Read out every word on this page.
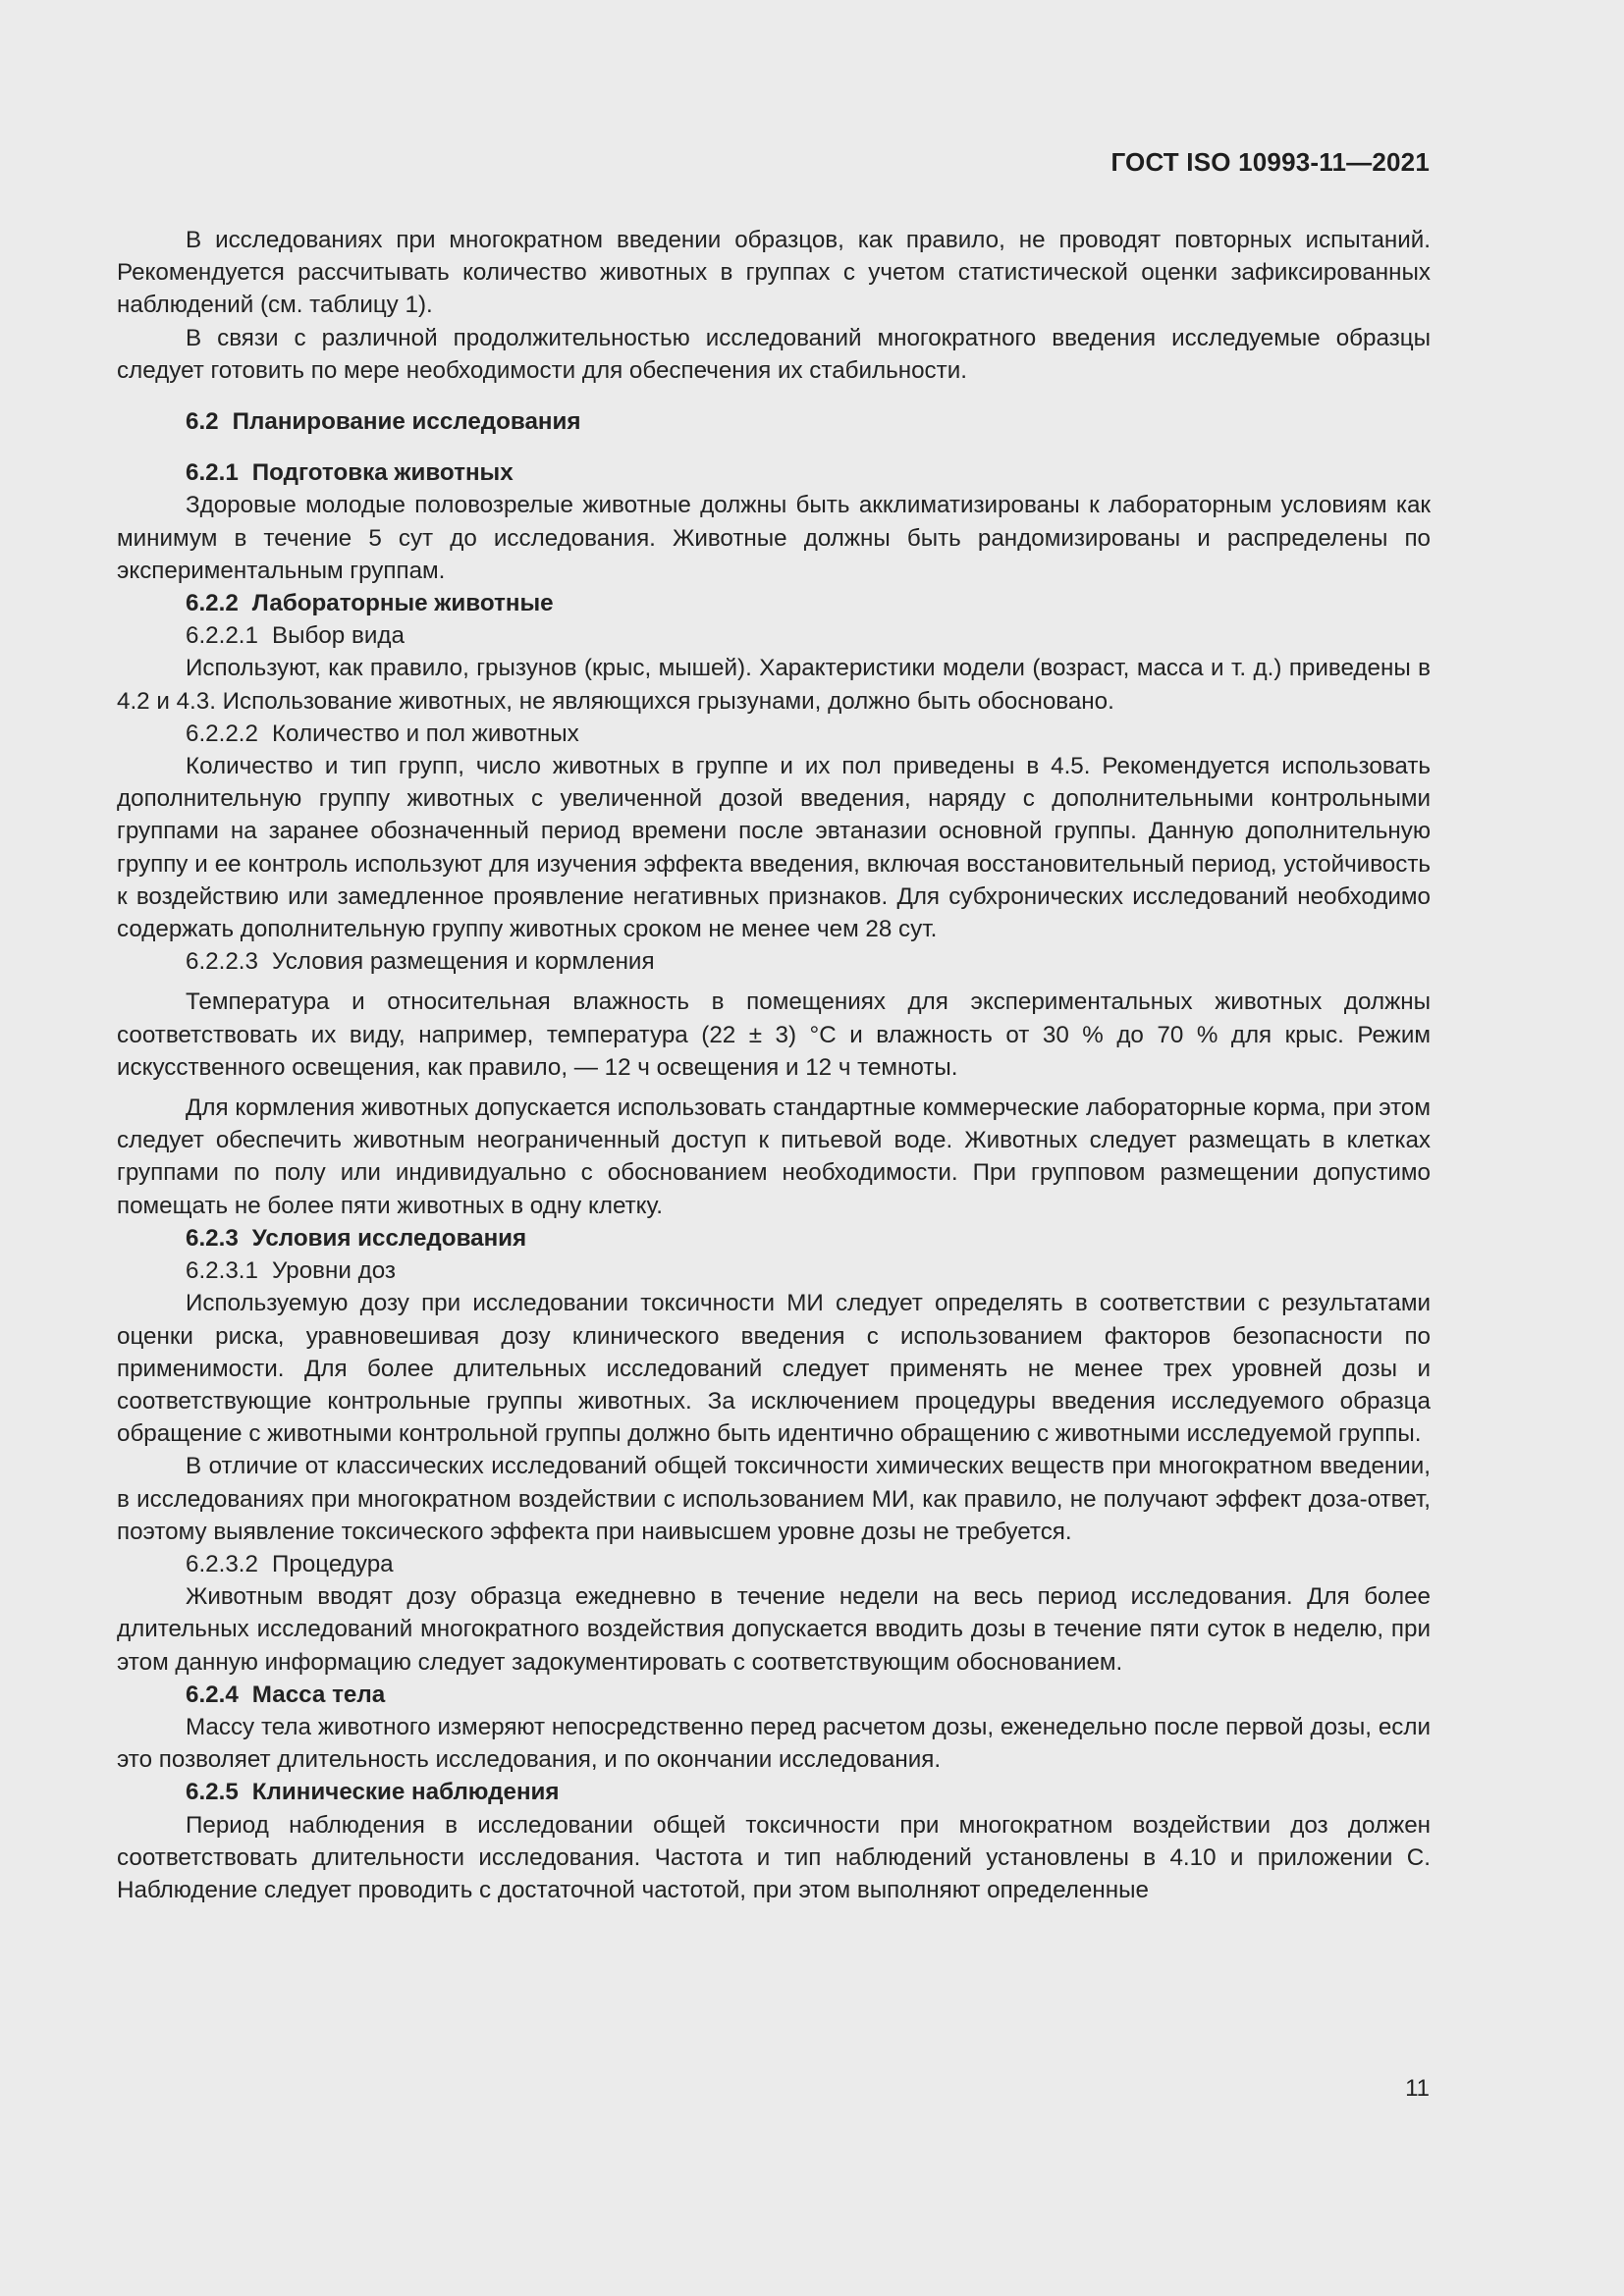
ГОСТ ISO 10993-11—2021

В исследованиях при многократном введении образцов, как правило, не проводят повторных испытаний. Рекомендуется рассчитывать количество животных в группах с учетом статистической оценки зафиксированных наблюдений (см. таблицу 1).

В связи с различной продолжительностью исследований многократного введения исследуемые образцы следует готовить по мере необходимости для обеспечения их стабильности.

6.2 Планирование исследования

6.2.1 Подготовка животных

Здоровые молодые половозрелые животные должны быть акклиматизированы к лабораторным условиям как минимум в течение 5 сут до исследования. Животные должны быть рандомизированы и распределены по экспериментальным группам.

6.2.2 Лабораторные животные

6.2.2.1 Выбор вида

Используют, как правило, грызунов (крыс, мышей). Характеристики модели (возраст, масса и т. д.) приведены в 4.2 и 4.3. Использование животных, не являющихся грызунами, должно быть обосновано.

6.2.2.2 Количество и пол животных

Количество и тип групп, число животных в группе и их пол приведены в 4.5. Рекомендуется использовать дополнительную группу животных с увеличенной дозой введения, наряду с дополнительными контрольными группами на заранее обозначенный период времени после эвтаназии основной группы. Данную дополнительную группу и ее контроль используют для изучения эффекта введения, включая восстановительный период, устойчивость к воздействию или замедленное проявление негативных признаков. Для субхронических исследований необходимо содержать дополнительную группу животных сроком не менее чем 28 сут.

6.2.2.3 Условия размещения и кормления

Температура и относительная влажность в помещениях для экспериментальных животных должны соответствовать их виду, например, температура (22 ± 3) °С и влажность от 30 % до 70 % для крыс. Режим искусственного освещения, как правило, — 12 ч освещения и 12 ч темноты.

Для кормления животных допускается использовать стандартные коммерческие лабораторные корма, при этом следует обеспечить животным неограниченный доступ к питьевой воде. Животных следует размещать в клетках группами по полу или индивидуально с обоснованием необходимости. При групповом размещении допустимо помещать не более пяти животных в одну клетку.

6.2.3 Условия исследования

6.2.3.1 Уровни доз

Используемую дозу при исследовании токсичности МИ следует определять в соответствии с результатами оценки риска, уравновешивая дозу клинического введения с использованием факторов безопасности по применимости. Для более длительных исследований следует применять не менее трех уровней дозы и соответствующие контрольные группы животных. За исключением процедуры введения исследуемого образца обращение с животными контрольной группы должно быть идентично обращению с животными исследуемой группы.

В отличие от классических исследований общей токсичности химических веществ при многократном введении, в исследованиях при многократном воздействии с использованием МИ, как правило, не получают эффект доза-ответ, поэтому выявление токсического эффекта при наивысшем уровне дозы не требуется.

6.2.3.2 Процедура

Животным вводят дозу образца ежедневно в течение недели на весь период исследования. Для более длительных исследований многократного воздействия допускается вводить дозы в течение пяти суток в неделю, при этом данную информацию следует задокументировать с соответствующим обоснованием.

6.2.4 Масса тела

Массу тела животного измеряют непосредственно перед расчетом дозы, еженедельно после первой дозы, если это позволяет длительность исследования, и по окончании исследования.

6.2.5 Клинические наблюдения

Период наблюдения в исследовании общей токсичности при многократном воздействии доз должен соответствовать длительности исследования. Частота и тип наблюдений установлены в 4.10 и приложении С. Наблюдение следует проводить с достаточной частотой, при этом выполняют определенные

11
